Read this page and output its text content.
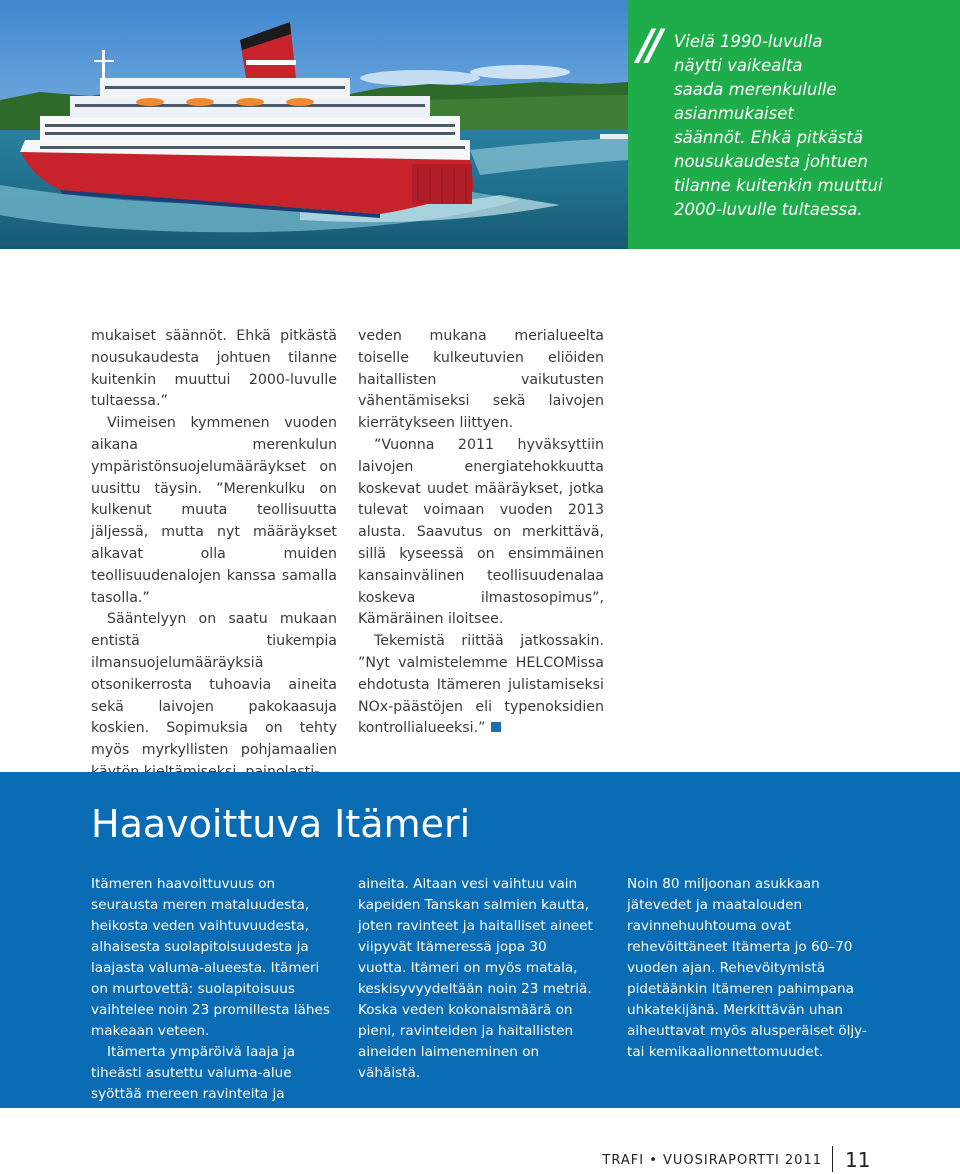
// Vielä 1990-luvulla
näytti vaikealta
saada merenkululle
asianmukaiset
säännöt. Ehkä pitkästä
nousukaudesta johtuen
tilanne kuitenkin muuttui
2000-luvulle tultaessa.

mukaiset säännöt. Ehkä pitkästä nousukaudesta johtuen tilanne kuitenkin muuttui 2000-luvulle tultaessa.”

Viimeisen kymmenen vuoden aikana merenkulun ympäristönsuojelumääräykset on uusittu täysin. ”Merenkulku on kulkenut muuta teollisuutta jäljessä, mutta nyt määräykset alkavat olla muiden teollisuudenalojen kanssa samalla tasolla.”

Sääntelyyn on saatu mukaan entistä tiukempia ilmansuojelumääräyksiä otsonikerrosta tuhoavia aineita sekä laivojen pakokaasuja koskien. Sopimuksia on tehty myös myrkyllisten pohjamaalien

veden mukana merialueelta toiselle kulkeutuvien eliöiden haitallisten vaikutusten vähentämiseksi sekä laivojen kierrätykseen liittyen.

”Vuonna 2011 hyväksyttiin laivojen energiatehokkuutta koskevat uudet määräykset, jotka tulevat voimaan vuoden 2013 alusta. Saavutus on merkittävä, sillä kyseessä on ensimmäinen kansainvälinen teollisuudenalaa koskeva ilmastosopimus”, Kämäräinen iloitsee.

Tekemistä riittää jatkossakin. ”Nyt valmistelemme HELCOMissa ehdotusta Itämeren julistamiseksi NOx-päästöjen eli typenoksidien kontrollialueeksi.”

Haavoittuva Itämeri

Itämeren haavoittuvuus on seurausta meren mataluudesta, heikosta veden vaihtuvuudesta, alhaisesta suolapitoisuudesta ja laajasta valuma-alueesta. Itämeri on murtovettä: suolapitoisuus vaihtelee noin 23 promillesta lähes makeaan veteen.

Itämerta ympäröivä laaja ja tiheästi asutettu valuma-alue syöttää mereen ravinteita ja haitallisia

aineita. Altaan vesi vaihtuu vain kapeiden Tanskan salmien kautta, joten ravinteet ja haitalliset aineet viipyvät Itämeressä jopa 30 vuotta. Itämeri on myös matala, keskisyvyydeltään noin 23 metriä. Koska veden kokonaismäärä on pieni, ravinteiden ja haitallisten aineiden laimeneminen on vähäistä.

Noin 80 miljoonan asukkaan jätevedet ja maatalouden ravinnehuuhtouma ovat rehevöittäneet Itämerta jo 60–70 vuoden ajan. Rehevöitymistä pidetäänkin Itämeren pahimpana uhkatekijänä. Merkittävän uhan aiheuttavat myös alusperäiset öljy- tai kemikaalionnettomuudet.

TRAFI • VUOSIRAPORTTI 2011 11
